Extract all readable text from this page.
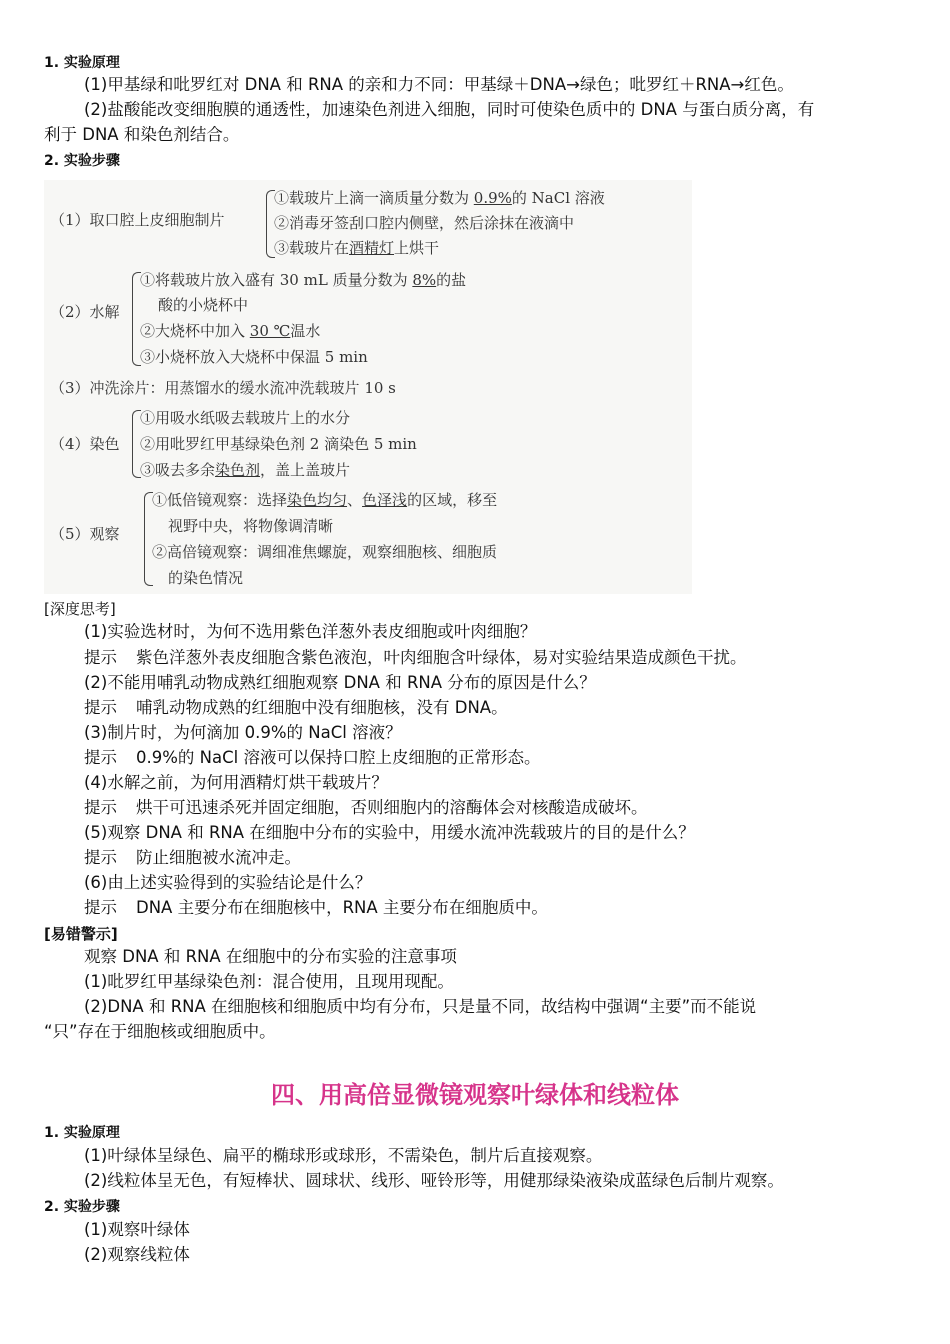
1. 实验原理
(1)甲基绿和吡罗红对 DNA 和 RNA 的亲和力不同：甲基绿＋DNA→绿色；吡罗红＋RNA→红色。
(2)盐酸能改变细胞膜的通透性，加速染色剂进入细胞，同时可使染色质中的 DNA 与蛋白质分离，有
利于 DNA 和染色剂结合。
2. 实验步骤
（1）取口腔上皮细胞制片
①载玻片上滴一滴质量分数为 0.9%的 NaCl 溶液
②消毒牙签刮口腔内侧壁，然后涂抹在液滴中
③载玻片在酒精灯上烘干
（2）水解
①将载玻片放入盛有 30 mL 质量分数为 8%的盐
酸的小烧杯中
②大烧杯中加入 30 ℃温水
③小烧杯放入大烧杯中保温 5 min
（3）冲洗涂片：用蒸馏水的缓水流冲洗载玻片 10 s
（4）染色
①用吸水纸吸去载玻片上的水分
②用吡罗红甲基绿染色剂 2 滴染色 5 min
③吸去多余染色剂，盖上盖玻片
（5）观察
①低倍镜观察：选择染色均匀、色泽浅的区域，移至
视野中央，将物像调清晰
②高倍镜观察：调细准焦螺旋，观察细胞核、细胞质
的染色情况
[深度思考]
(1)实验选材时，为何不选用紫色洋葱外表皮细胞或叶肉细胞？
提示 紫色洋葱外表皮细胞含紫色液泡，叶肉细胞含叶绿体，易对实验结果造成颜色干扰。
(2)不能用哺乳动物成熟红细胞观察 DNA 和 RNA 分布的原因是什么？
提示 哺乳动物成熟的红细胞中没有细胞核，没有 DNA。
(3)制片时，为何滴加 0.9%的 NaCl 溶液？
提示 0.9%的 NaCl 溶液可以保持口腔上皮细胞的正常形态。
(4)水解之前，为何用酒精灯烘干载玻片？
提示 烘干可迅速杀死并固定细胞，否则细胞内的溶酶体会对核酸造成破坏。
(5)观察 DNA 和 RNA 在细胞中分布的实验中，用缓水流冲洗载玻片的目的是什么？
提示 防止细胞被水流冲走。
(6)由上述实验得到的实验结论是什么？
提示 DNA 主要分布在细胞核中，RNA 主要分布在细胞质中。
[易错警示]
观察 DNA 和 RNA 在细胞中的分布实验的注意事项
(1)吡罗红甲基绿染色剂：混合使用，且现用现配。
(2)DNA 和 RNA 在细胞核和细胞质中均有分布，只是量不同，故结构中强调“主要”而不能说
“只”存在于细胞核或细胞质中。
四、用高倍显微镜观察叶绿体和线粒体
1. 实验原理
(1)叶绿体呈绿色、扁平的椭球形或球形，不需染色，制片后直接观察。
(2)线粒体呈无色，有短棒状、圆球状、线形、哑铃形等，用健那绿染液染成蓝绿色后制片观察。
2. 实验步骤
(1)观察叶绿体
(2)观察线粒体
